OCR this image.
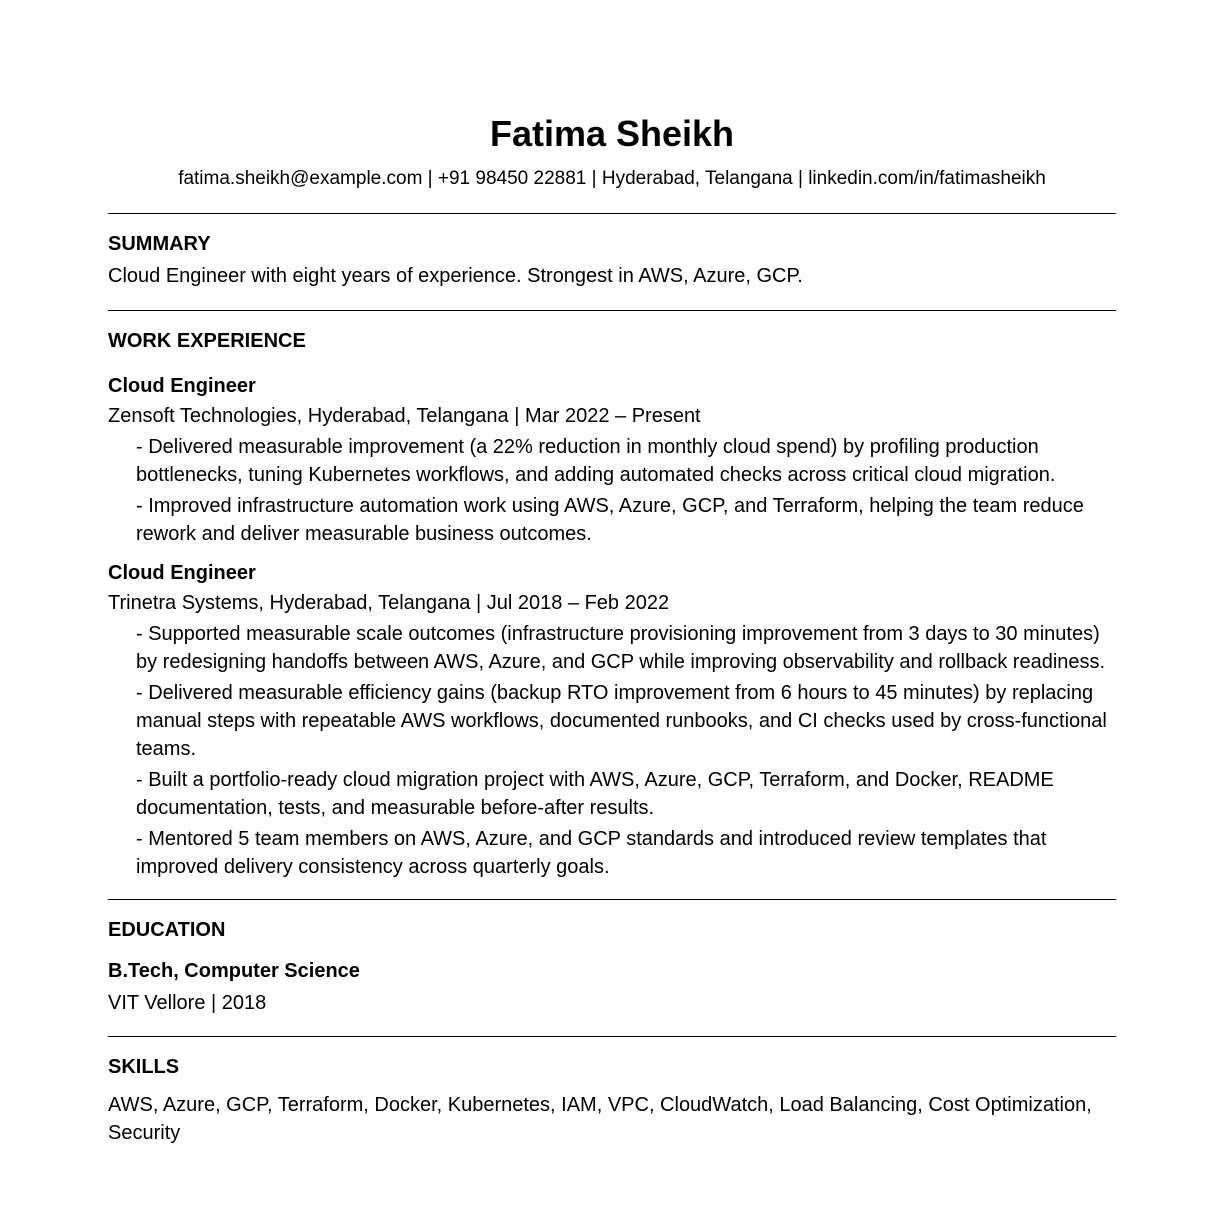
Fatima Sheikh
fatima.sheikh@example.com | +91 98450 22881 | Hyderabad, Telangana | linkedin.com/in/fatimasheikh
SUMMARY
Cloud Engineer with eight years of experience. Strongest in AWS, Azure, GCP.
WORK EXPERIENCE
Cloud Engineer
Zensoft Technologies, Hyderabad, Telangana | Mar 2022 – Present
- Delivered measurable improvement (a 22% reduction in monthly cloud spend) by profiling production bottlenecks, tuning Kubernetes workflows, and adding automated checks across critical cloud migration.
- Improved infrastructure automation work using AWS, Azure, GCP, and Terraform, helping the team reduce rework and deliver measurable business outcomes.
Cloud Engineer
Trinetra Systems, Hyderabad, Telangana | Jul 2018 – Feb 2022
- Supported measurable scale outcomes (infrastructure provisioning improvement from 3 days to 30 minutes) by redesigning handoffs between AWS, Azure, and GCP while improving observability and rollback readiness.
- Delivered measurable efficiency gains (backup RTO improvement from 6 hours to 45 minutes) by replacing manual steps with repeatable AWS workflows, documented runbooks, and CI checks used by cross-functional teams.
- Built a portfolio-ready cloud migration project with AWS, Azure, GCP, Terraform, and Docker, README documentation, tests, and measurable before-after results.
- Mentored 5 team members on AWS, Azure, and GCP standards and introduced review templates that improved delivery consistency across quarterly goals.
EDUCATION
B.Tech, Computer Science
VIT Vellore | 2018
SKILLS
AWS, Azure, GCP, Terraform, Docker, Kubernetes, IAM, VPC, CloudWatch, Load Balancing, Cost Optimization, Security
